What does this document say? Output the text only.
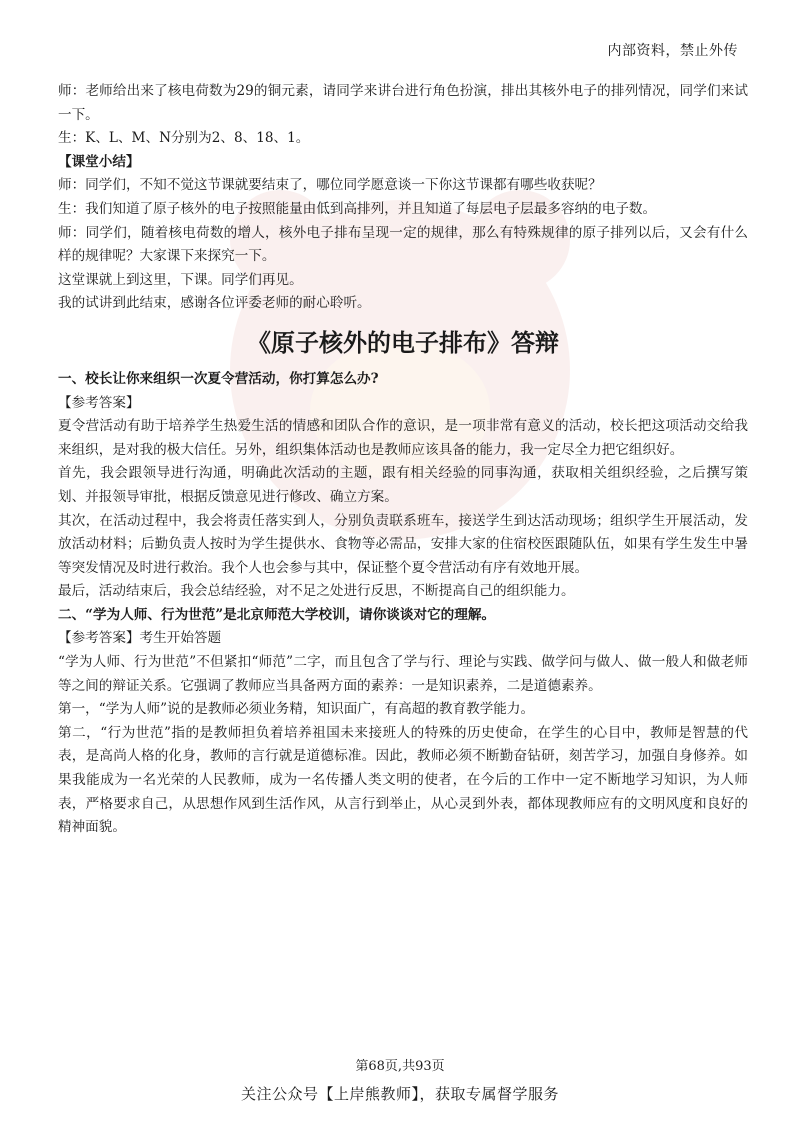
内部资料，禁止外传

师：老师给出来了核电荷数为29的铜元素，请同学来讲台进行角色扮演，排出其核外电子的排列情况，同学们来试一下。

生：K、L、M、N分别为2、8、18、1。

【课堂小结】

师：同学们，不知不觉这节课就要结束了，哪位同学愿意谈一下你这节课都有哪些收获呢？

生：我们知道了原子核外的电子按照能量由低到高排列，并且知道了每层电子层最多容纳的电子数。

师：同学们，随着核电荷数的增人，核外电子排布呈现一定的规律，那么有特殊规律的原子排列以后，又会有什么样的规律呢？大家课下来探究一下。

这堂课就上到这里，下课。同学们再见。

我的试讲到此结束，感谢各位评委老师的耐心聆听。

《原子核外的电子排布》答辩

一、校长让你来组织一次夏令营活动，你打算怎么办?

【参考答案】

夏令营活动有助于培养学生热爱生活的情感和团队合作的意识，是一项非常有意义的活动，校长把这项活动交给我来组织，是对我的极大信任。另外，组织集体活动也是教师应该具备的能力，我一定尽全力把它组织好。

首先，我会跟领导进行沟通，明确此次活动的主题，跟有相关经验的同事沟通，获取相关组织经验，之后撰写策划、并报领导审批，根据反馈意见进行修改、确立方案。

其次，在活动过程中，我会将责任落实到人，分别负责联系班车，接送学生到达活动现场；组织学生开展活动，发放活动材料；后勤负责人按时为学生提供水、食物等必需品，安排大家的住宿校医跟随队伍，如果有学生发生中暑等突发情况及时进行救治。我个人也会参与其中，保证整个夏令营活动有序有效地开展。

最后，活动结束后，我会总结经验，对不足之处进行反思，不断提高自己的组织能力。

二、“学为人师、行为世范”是北京师范大学校训，请你谈谈对它的理解。

【参考答案】考生开始答题

“学为人师、行为世范”不但紧扣“师范”二字，而且包含了学与行、理论与实践、做学问与做人、做一般人和做老师等之间的辩证关系。它强调了教师应当具备两方面的素养：一是知识素养，二是道德素养。

第一，“学为人师”说的是教师必须业务精，知识面广，有高超的教育教学能力。

第二，“行为世范”指的是教师担负着培养祖国未来接班人的特殊的历史使命，在学生的心目中，教师是智慧的代表，是高尚人格的化身，教师的言行就是道德标准。因此，教师必须不断勤奋钻研，刻苦学习，加强自身修养。如果我能成为一名光荣的人民教师，成为一名传播人类文明的使者，在今后的工作中一定不断地学习知识，为人师表，严格要求自己，从思想作风到生活作风，从言行到举止，从心灵到外表，都体现教师应有的文明风度和良好的精神面貌。

第68页,共93页
关注公众号【上岸熊教师】，获取专属督学服务
